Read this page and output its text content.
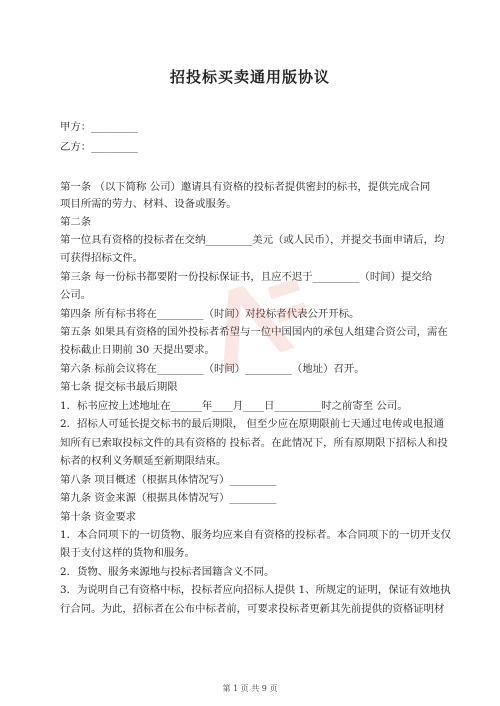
招投标买卖通用版协议
甲方：_________
乙方：_________
第一条 （以下简称 公司）邀请具有资格的投标者提供密封的标书，提供完成合同
项目所需的劳力、材料、设备或服务。
第二条
第一位具有资格的投标者在交纳_________美元（或人民币），并提交书面申请后，均
可获得招标文件。
第三条 每一份标书都要附一份投标保证书，且应不迟于_________（时间）提交给
公司。
第四条 所有标书将在_________（时间）对投标者代表公开开标。
第五条 如果具有资格的国外投标者希望与一位中国国内的承包人组建合资公司，需在
投标截止日期前 30 天提出要求。
第六条 标前会议将在_________（时间）_________（地址）召开。
第七条 提交标书最后期限
1．标书应按上述地址在______年____月____日_________时之前寄至 公司。
2．招标人可延长提交标书的最后期限， 但至少应在原期限前七天通过电传或电报通
知所有已索取投标文件的具有资格的 投标者。在此情况下，所有原期限下招标人和投
标者的权利义务顺延至新期限结束。
第八条 项目概述（根据具体情况写）_________
第九条 资金来源（根据具体情况写）_________
第十条 资金要求
1．本合同项下的一切货物、服务均应来自有资格的投标者。本合同项下的一切开支仅
限于支付这样的货物和服务。
2．货物、服务来源地与投标者国籍含义不同。
3．为说明自己有资格中标，投标者应向招标人提供 1、所规定的证明，保证有效地执
行合同。为此，招标者在公布中标者前，可要求投标者更新其先前提供的资格证明材
第 1 页 共 9 页
